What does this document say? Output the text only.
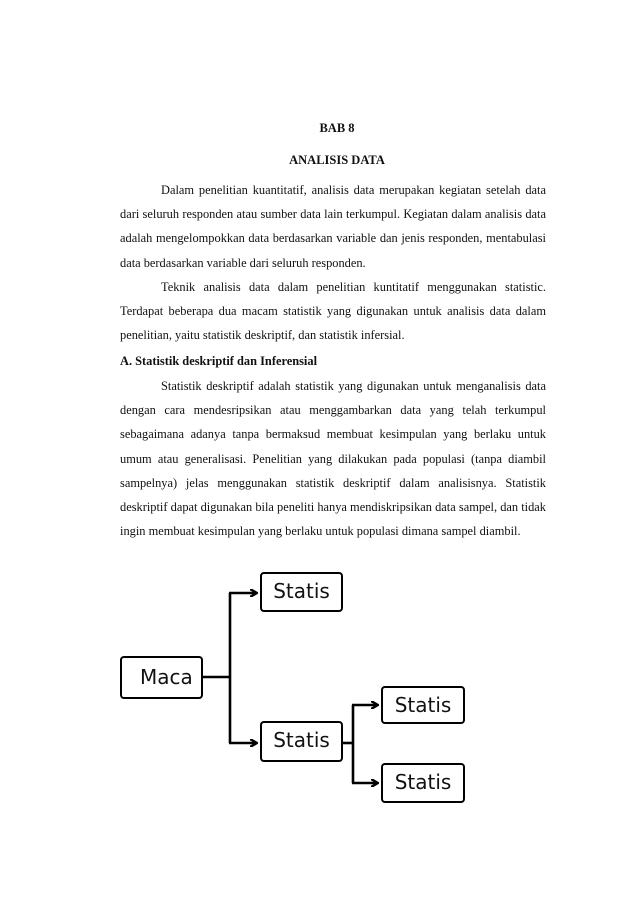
BAB 8

ANALISIS DATA

Dalam penelitian kuantitatif, analisis data merupakan kegiatan setelah data dari seluruh responden atau sumber data lain terkumpul. Kegiatan dalam analisis data adalah mengelompokkan data berdasarkan variable dan jenis responden, mentabulasi data berdasarkan variable dari seluruh responden.

Teknik analisis data dalam penelitian kuntitatif menggunakan statistic. Terdapat beberapa dua macam statistik yang digunakan untuk analisis data dalam penelitian, yaitu statistik deskriptif, dan statistik infersial.

A. Statistik deskriptif dan Inferensial

Statistik deskriptif adalah statistik yang digunakan untuk menganalisis data dengan cara mendesripsikan atau menggambarkan data yang telah terkumpul sebagaimana adanya tanpa bermaksud membuat kesimpulan yang berlaku untuk umum atau generalisasi. Penelitian yang dilakukan pada populasi (tanpa diambil sampelnya) jelas menggunakan statistik deskriptif dalam analisisnya. Statistik deskriptif dapat digunakan bila peneliti hanya mendiskripsikan data sampel, dan tidak ingin membuat kesimpulan yang berlaku untuk populasi dimana sampel diambil.

Maca
Statis
Statis
Statis
Statis
